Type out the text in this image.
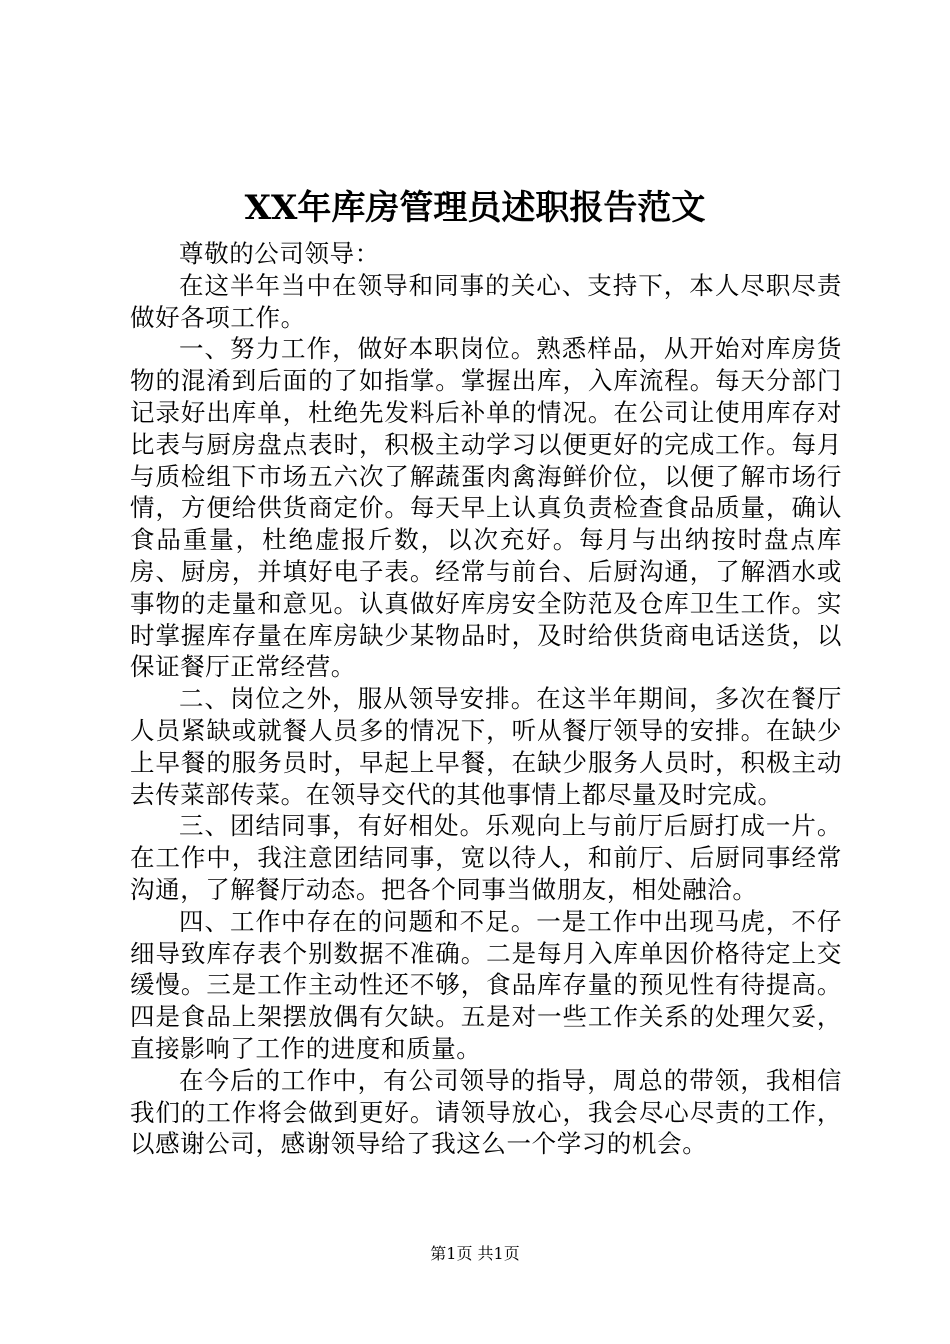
XX年库房管理员述职报告范文

尊敬的公司领导：

在这半年当中在领导和同事的关心、支持下，本人尽职尽责做好各项工作。

一、努力工作，做好本职岗位。熟悉样品，从开始对库房货物的混淆到后面的了如指掌。掌握出库，入库流程。每天分部门记录好出库单，杜绝先发料后补单的情况。在公司让使用库存对比表与厨房盘点表时，积极主动学习以便更好的完成工作。每月与质检组下市场五六次了解蔬蛋肉禽海鲜价位，以便了解市场行情，方便给供货商定价。每天早上认真负责检查食品质量，确认食品重量，杜绝虚报斤数，以次充好。每月与出纳按时盘点库房、厨房，并填好电子表。经常与前台、后厨沟通，了解酒水或事物的走量和意见。认真做好库房安全防范及仓库卫生工作。实时掌握库存量在库房缺少某物品时，及时给供货商电话送货，以保证餐厅正常经营。

二、岗位之外，服从领导安排。在这半年期间，多次在餐厅人员紧缺或就餐人员多的情况下，听从餐厅领导的安排。在缺少上早餐的服务员时，早起上早餐，在缺少服务人员时，积极主动去传菜部传菜。在领导交代的其他事情上都尽量及时完成。

三、团结同事，有好相处。乐观向上与前厅后厨打成一片。在工作中，我注意团结同事，宽以待人，和前厅、后厨同事经常沟通，了解餐厅动态。把各个同事当做朋友，相处融洽。

四、工作中存在的问题和不足。一是工作中出现马虎，不仔细导致库存表个别数据不准确。二是每月入库单因价格待定上交缓慢。三是工作主动性还不够，食品库存量的预见性有待提高。四是食品上架摆放偶有欠缺。五是对一些工作关系的处理欠妥，直接影响了工作的进度和质量。

在今后的工作中，有公司领导的指导，周总的带领，我相信我们的工作将会做到更好。请领导放心，我会尽心尽责的工作，以感谢公司，感谢领导给了我这么一个学习的机会。

第1页 共1页
